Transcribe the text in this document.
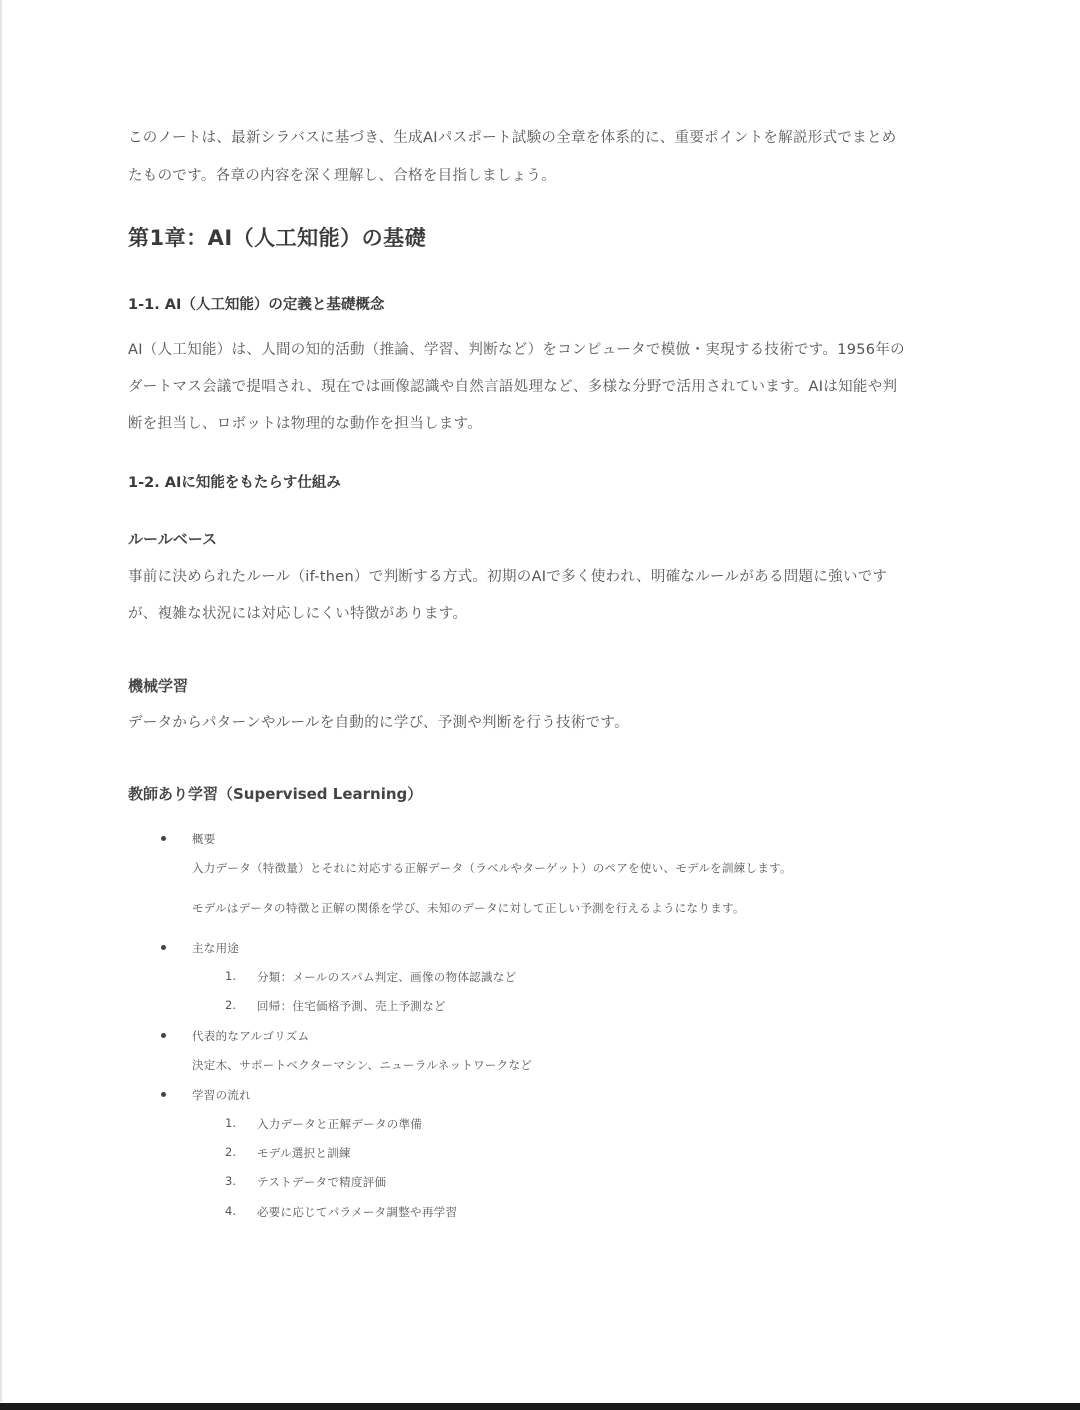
このノートは、最新シラバスに基づき、生成AIパスポート試験の全章を体系的に、重要ポイントを解説形式でまとめ
たものです。各章の内容を深く理解し、合格を目指しましょう。
第1章：AI（人工知能）の基礎
1-1. AI（人工知能）の定義と基礎概念
AI（人工知能）は、人間の知的活動（推論、学習、判断など）をコンピュータで模倣・実現する技術です。1956年の
ダートマス会議で提唱され、現在では画像認識や自然言語処理など、多様な分野で活用されています。AIは知能や判
断を担当し、ロボットは物理的な動作を担当します。
1-2. AIに知能をもたらす仕組み
ルールベース
事前に決められたルール（if-then）で判断する方式。初期のAIで多く使われ、明確なルールがある問題に強いです
が、複雑な状況には対応しにくい特徴があります。
機械学習
データからパターンやルールを自動的に学び、予測や判断を行う技術です。
教師あり学習（Supervised Learning）
概要
入力データ（特徴量）とそれに対応する正解データ（ラベルやターゲット）のペアを使い、モデルを訓練します。
モデルはデータの特徴と正解の関係を学び、未知のデータに対して正しい予測を行えるようになります。
主な用途
1. 分類：メールのスパム判定、画像の物体認識など
2. 回帰：住宅価格予測、売上予測など
代表的なアルゴリズム
決定木、サポートベクターマシン、ニューラルネットワークなど
学習の流れ
1. 入力データと正解データの準備
2. モデル選択と訓練
3. テストデータで精度評価
4. 必要に応じてパラメータ調整や再学習
